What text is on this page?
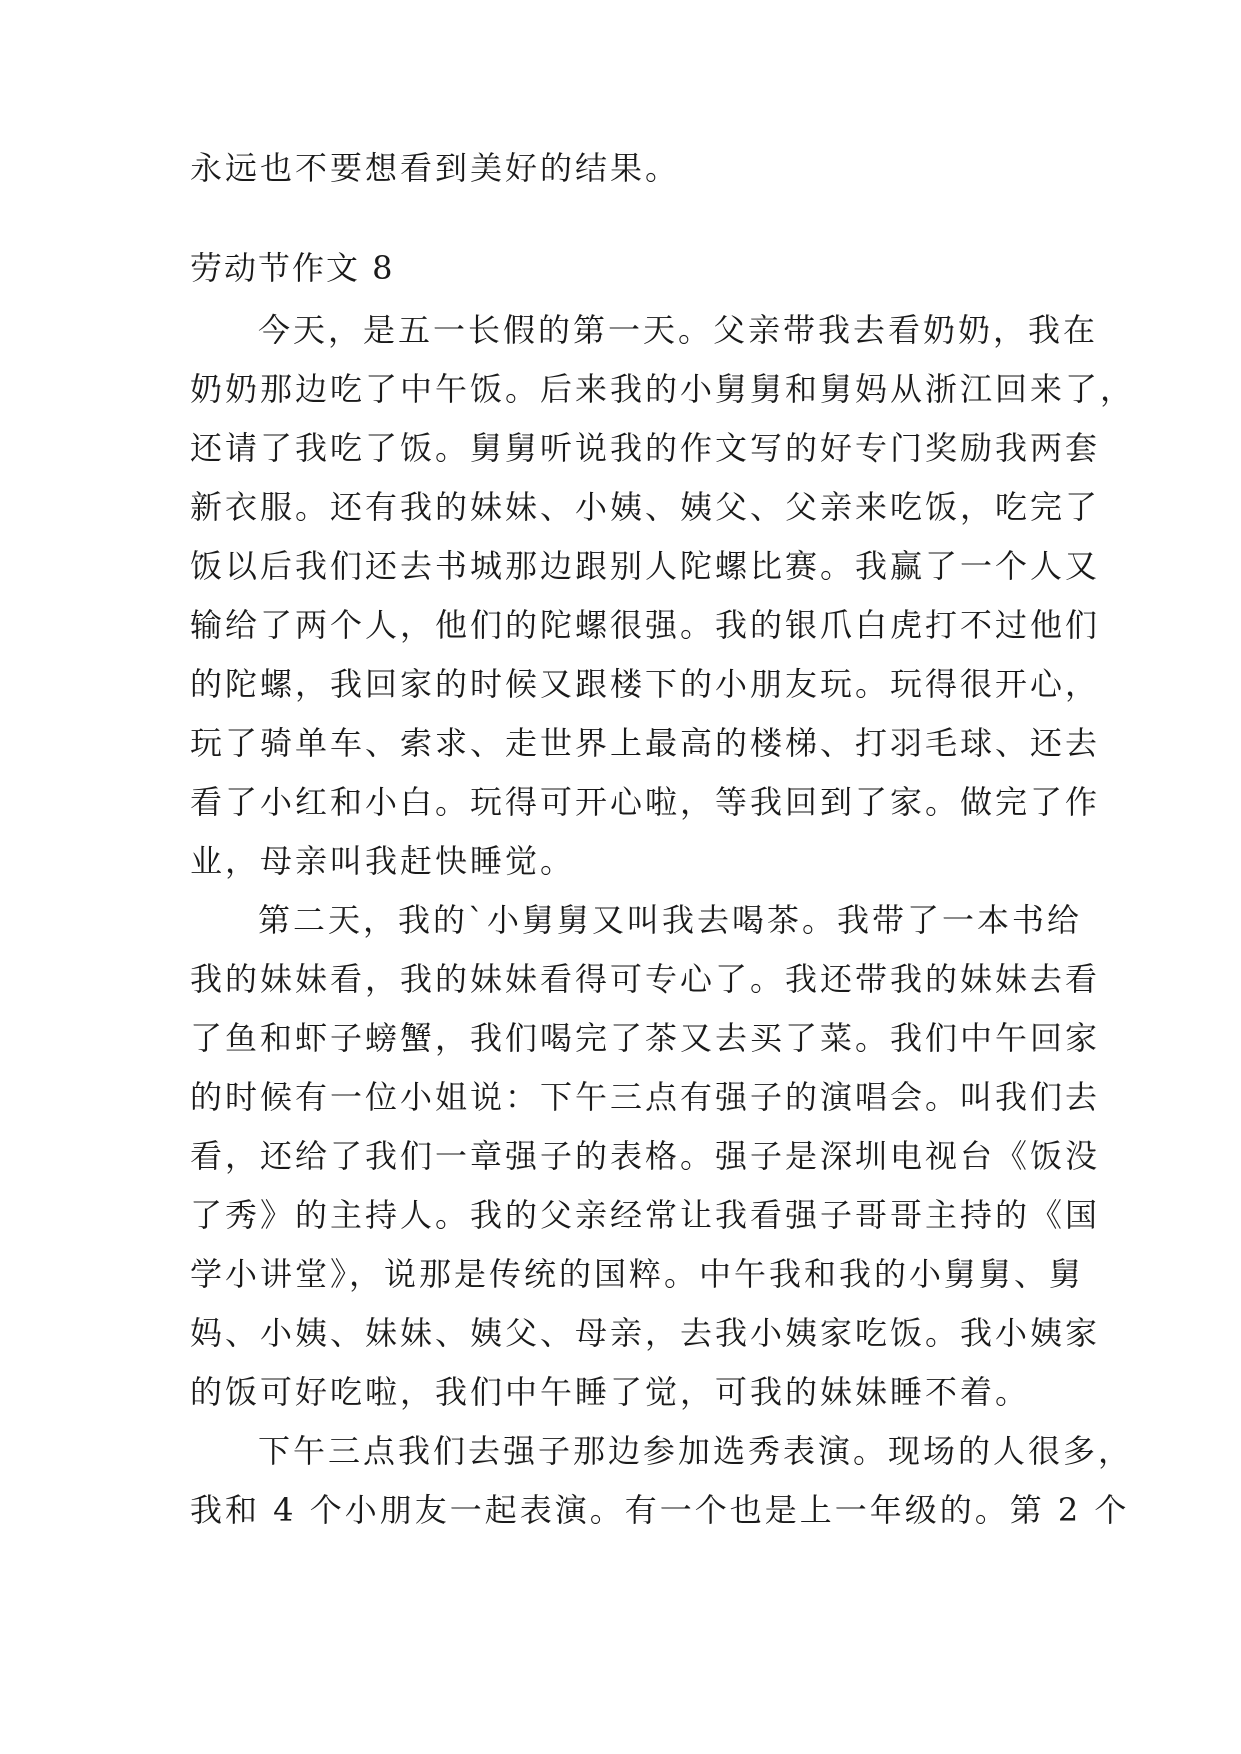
永远也不要想看到美好的结果。

劳动节作文 8

今天，是五一长假的第一天。父亲带我去看奶奶，我在

奶奶那边吃了中午饭。后来我的小舅舅和舅妈从浙江回来了，

还请了我吃了饭。舅舅听说我的作文写的好专门奖励我两套

新衣服。还有我的妹妹、小姨、姨父、父亲来吃饭，吃完了

饭以后我们还去书城那边跟别人陀螺比赛。我赢了一个人又

输给了两个人，他们的陀螺很强。我的银爪白虎打不过他们

的陀螺，我回家的时候又跟楼下的小朋友玩。玩得很开心，

玩了骑单车、索求、走世界上最高的楼梯、打羽毛球、还去

看了小红和小白。玩得可开心啦，等我回到了家。做完了作

业，母亲叫我赶快睡觉。

第二天，我的`小舅舅又叫我去喝茶。我带了一本书给

我的妹妹看，我的妹妹看得可专心了。我还带我的妹妹去看

了鱼和虾子螃蟹，我们喝完了茶又去买了菜。我们中午回家

的时候有一位小姐说：下午三点有强子的演唱会。叫我们去

看，还给了我们一章强子的表格。强子是深圳电视台《饭没

了秀》的主持人。我的父亲经常让我看强子哥哥主持的《国

学小讲堂》，说那是传统的国粹。中午我和我的小舅舅、舅

妈、小姨、妹妹、姨父、母亲，去我小姨家吃饭。我小姨家

的饭可好吃啦，我们中午睡了觉，可我的妹妹睡不着。

下午三点我们去强子那边参加选秀表演。现场的人很多，

我和 4 个小朋友一起表演。有一个也是上一年级的。第 2 个
